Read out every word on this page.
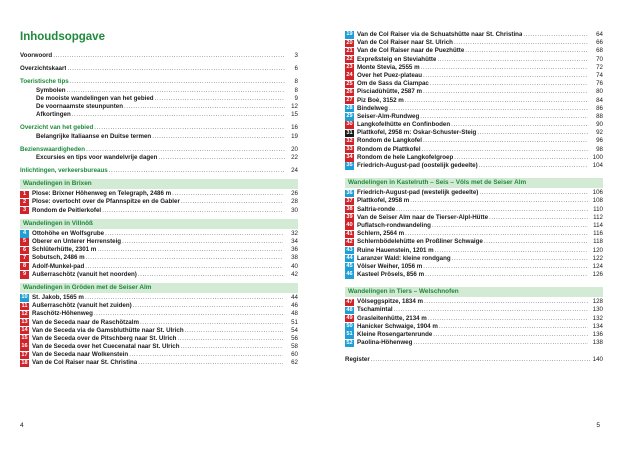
Inhoudsopgave
Voorwoord .....	3
Overzichtskaart .....	6
Toeristische tips .....	8
Symbolen .....	8
De mooiste wandelingen van het gebied .....	9
De voornaamste steunpunten .....	12
Afkortingen .....	15
Overzicht van het gebied .....	16
Belangrijke Italiaanse en Duitse termen .....	19
Bezienswaardigheden .....	20
Excursies en tips voor wandelvrije dagen .....	22
Inlichtingen, verkeersbureaus .....	24
Wandelingen in Brixen
1 Plose: Brixner Höhenweg en Telegraph, 2486 m .....	26
2 Plose: overtocht over de Pfannspitze en de Gabler .....	28
3 Rondom de Peitlerkofel .....	30
Wandelingen in Villnöß
4 Ottohöhe en Wolfsgrube .....	32
5 Oberer en Unterer Herrensteig .....	34
6 Schlüterhütte, 2301 m .....	36
7 Sobutsch, 2486 m .....	38
8 Adolf-Munkel-pad .....	40
9 Außerraschötz (vanuit het noorden) .....	42
Wandelingen in Gröden met de Seiser Alm
10 St. Jakob, 1565 m .....	44
11 Außerraschötz (vanuit het zuiden) .....	46
12 Raschötz-Höhenweg .....	48
13 Van de Seceda naar de Raschötzalm .....	51
14 Van de Seceda via de Gamsbluthütte naar St. Ulrich .....	54
15 Van de Seceda over de Pitschberg naar St. Ulrich .....	56
16 Van de Seceda over het Cuecenatal naar St. Ulrich .....	58
17 Van de Seceda naar Wolkenstein .....	60
18 Van de Col Raiser naar St. Christina .....	62
4
19 Van de Col Raiser via de Schuatshütte naar St. Christina .....	64
20 Van de Col Raiser naar St. Ulrich .....	66
21 Van de Col Raiser naar de Puezhütte .....	68
22 Expreßsteig en Steviahütte .....	70
23 Monte Stevia, 2555 m .....	72
24 Over het Puez-plateau .....	74
25 Om de Sass da Ciampac .....	76
26 Pisciadùhütte, 2587 m .....	80
27 Piz Boè, 3152 m .....	84
28 Bindelweg .....	86
29 Seiser-Alm-Rundweg .....	88
30 Langkofelhütte en Confinboden .....	90
31 Plattkofel, 2958 m: Oskar-Schuster-Steig .....	92
32 Rondom de Langkofel .....	96
33 Rondom de Plattkofel .....	98
34 Rondom de hele Langkofelgroep .....	100
35 Friedrich-August-pad (oostelijk gedeelte) .....	104
Wandelingen in Kastelruth – Seis – Völs met de Seiser Alm
36 Friedrich-August-pad (westelijk gedeelte) .....	106
37 Plattkofel, 2958 m .....	108
38 Saltria-ronde .....	110
39 Van de Seiser Alm naar de Tierser-Alpl-Hütte .....	112
40 Puflatsch-rondwandeling .....	114
41 Schlern, 2564 m .....	116
42 Schlernbödelehütte en Proßliner Schwaige .....	118
43 Ruine Hauenstein, 1201 m .....	120
44 Laranzer Wald: kleine rondgang .....	122
45 Völser Weiher, 1056 m .....	124
46 Kasteel Prösels, 856 m .....	126
Wandelingen in Tiers – Welschnofen
47 Völseggspitze, 1834 m .....	128
48 Tschamintal .....	130
49 Grasleitenhütte, 2134 m .....	132
50 Hanicker Schwaige, 1904 m .....	134
51 Kleine Rosengartenrunde .....	136
52 Paolina-Höhenweg .....	138
Register .....	140
5
